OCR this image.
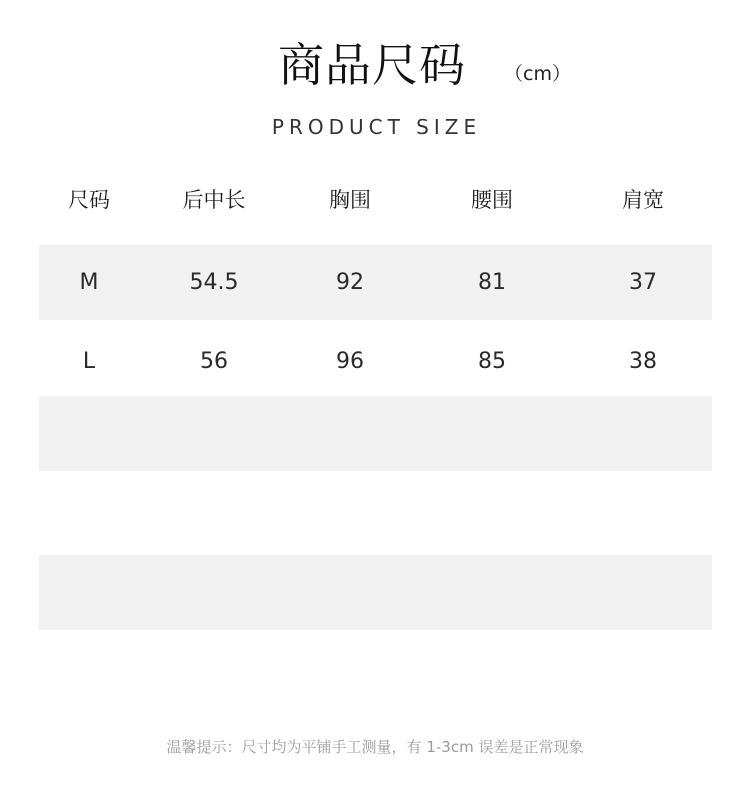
商品尺码 （cm）
PRODUCT SIZE
尺码	后中长	胸围	腰围	肩宽
M	54.5	92	81	37
L	56	96	85	38
温馨提示：尺寸均为平铺手工测量，有 1-3cm 误差是正常现象
